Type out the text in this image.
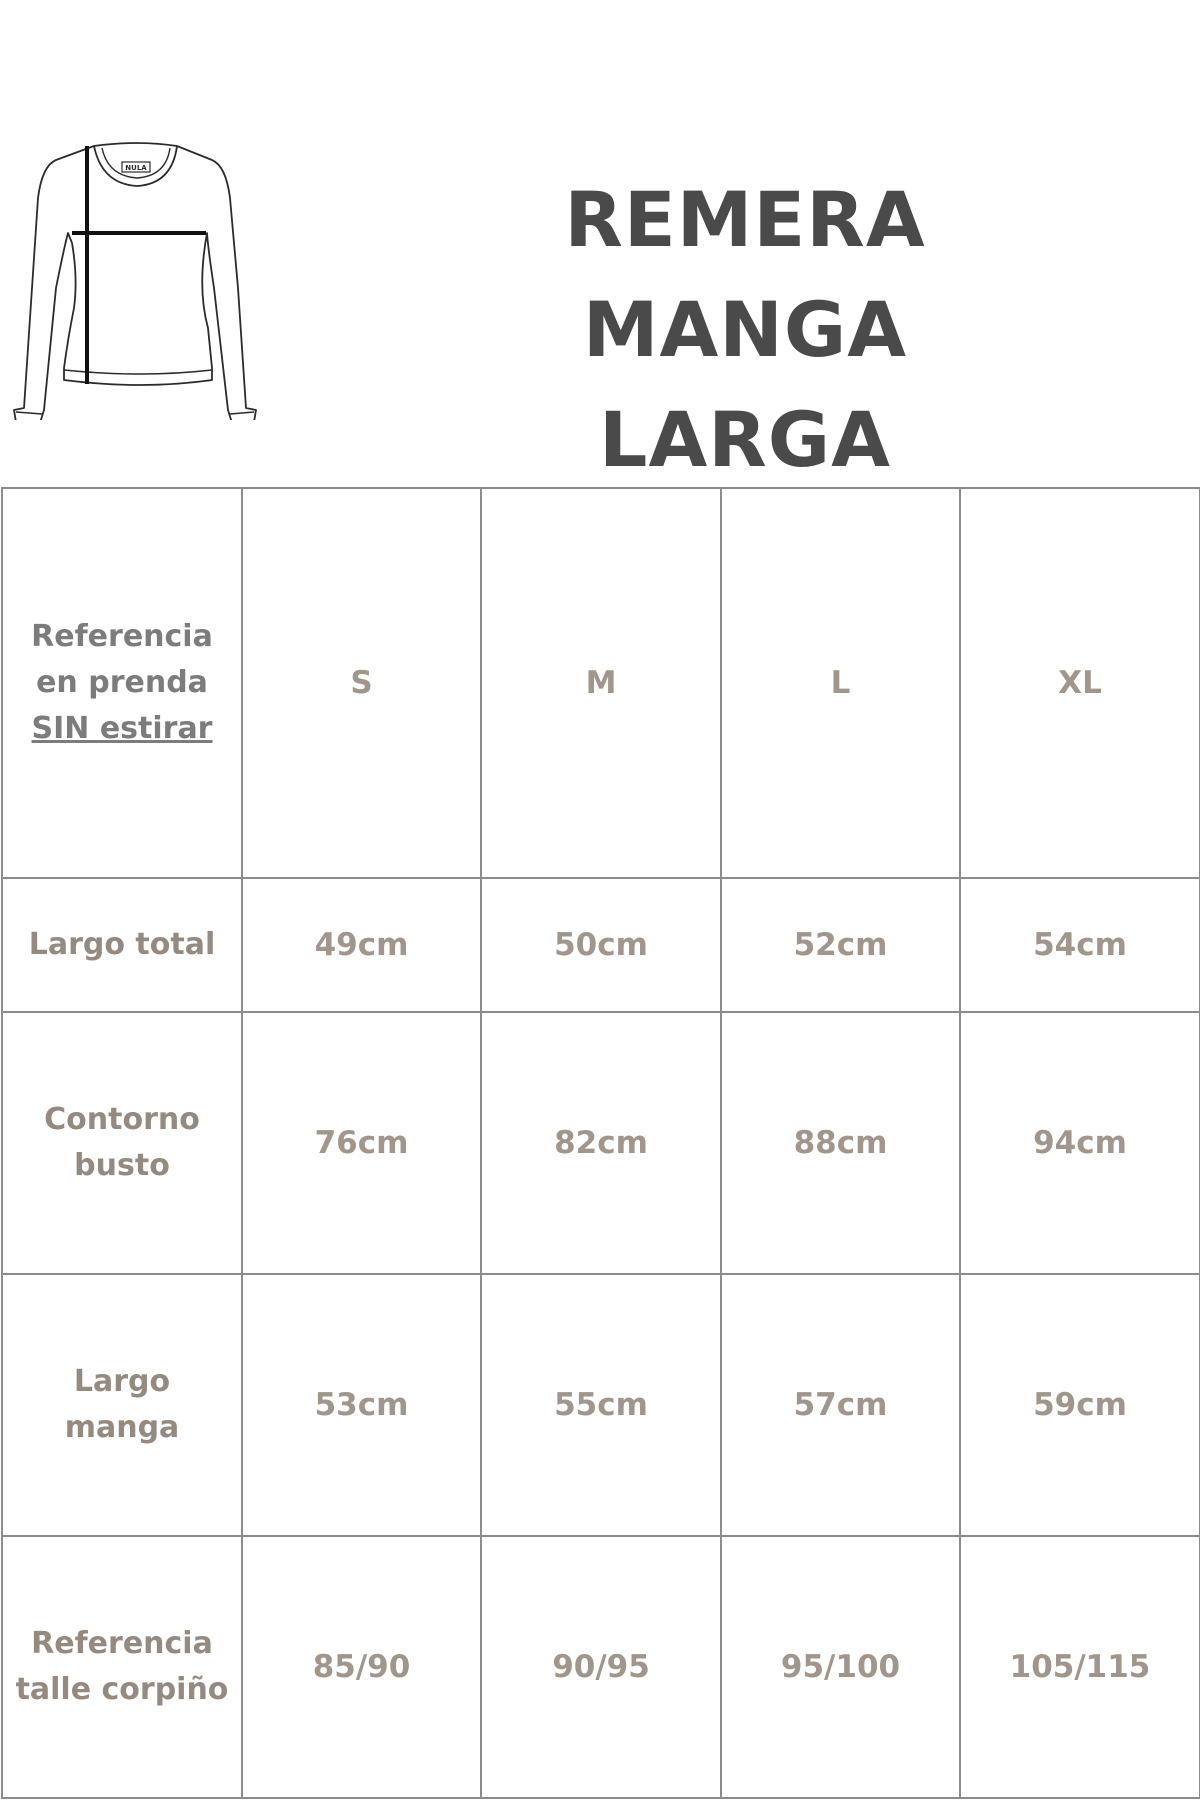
NULA
REMERA MANGA
LARGA
Referencia
en prenda
SIN estirar	S	M	L	XL

Largo total	49cm	50cm	52cm	54cm

Contorno
busto	76cm	82cm	88cm	94cm

Largo
manga	53cm	55cm	57cm	59cm

Referencia
talle corpiño	85/90	90/95	95/100	105/115
